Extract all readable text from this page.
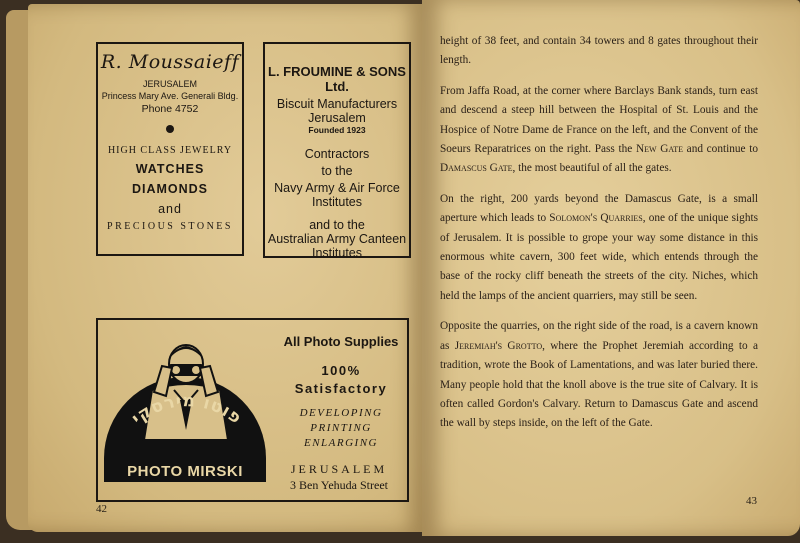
R. Moussaieff
JERUSALEM
Princess Mary Ave. Generali Bldg.
Phone 4752
HIGH CLASS JEWELRY
WATCHES
DIAMONDS
and
PRECIOUS STONES
L. FROUMINE & SONS Ltd.
Biscuit Manufacturers
Jerusalem
Founded 1923
Contractors
to the
Navy Army & Air Force
Institutes
and to the
Australian Army Canteen
Institutes
פוטו מירסקי
PHOTO MIRSKI
All Photo Supplies
100%
Satisfactory
DEVELOPING
PRINTING
ENLARGING
JERUSALEM
3 Ben Yehuda Street
42
43

height of 38 feet, and contain 34 towers and 8 gates throughout their length.

From Jaffa Road, at the corner where Barclays Bank stands, turn east and descend a steep hill between the Hospital of St. Louis and the Hospice of Notre Dame de France on the left, and the Convent of the Soeurs Reparatrices on the right. Pass the New Gate and continue to Damascus Gate, the most beautiful of all the gates.

On the right, 200 yards beyond the Damascus Gate, is a small aperture which leads to Solomon's Quarries, one of the unique sights of Jerusalem. It is possible to grope your way some distance in this enormous white cavern, 300 feet wide, which entends through the base of the rocky cliff beneath the streets of the city. Niches, which held the lamps of the ancient quarriers, may still be seen.

Opposite the quarries, on the right side of the road, is a cavern known as Jeremiah's Grotto, where the Prophet Jeremiah according to a tradition, wrote the Book of Lamentations, and was later buried there. Many people hold that the knoll above is the true site of Calvary. It is often called Gordon's Calvary. Return to Damascus Gate and ascend the wall by steps inside, on the left of the Gate.
